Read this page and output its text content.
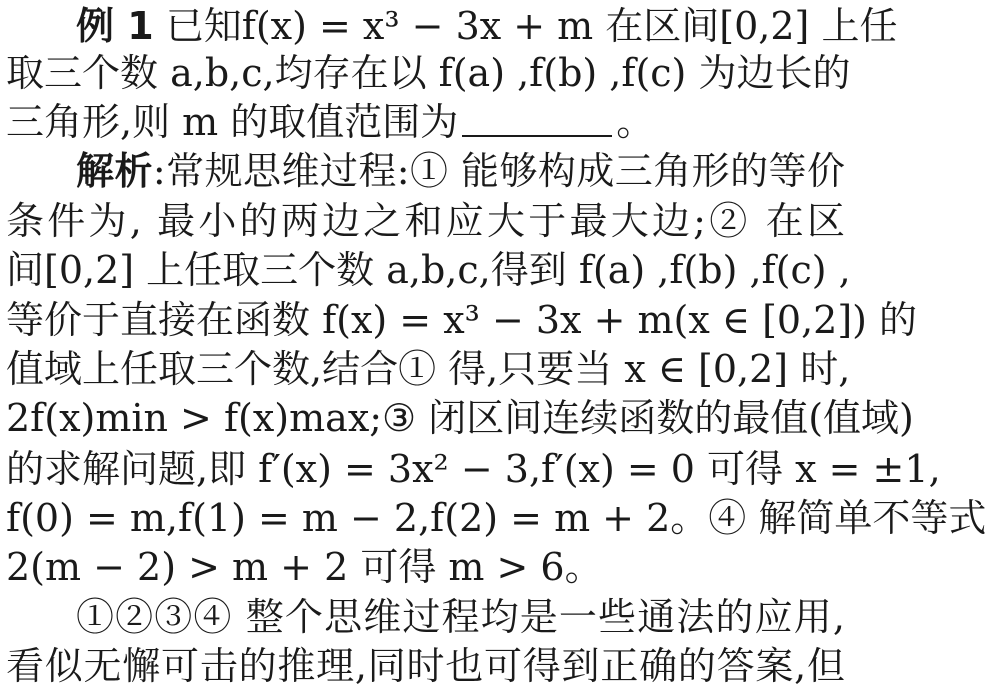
例 1 已知f(x) = x³ − 3x + m 在区间[0,2] 上任
取三个数 a,b,c,均存在以 f(a) ,f(b) ,f(c) 为边长的
三角形,则 m 的取值范围为	。
解析:常规思维过程:① 能够构成三角形的等价
条件为, 最小的两边之和应大于最大边;② 在区
间[0,2] 上任取三个数 a,b,c,得到 f(a) ,f(b) ,f(c) ,
等价于直接在函数 f(x) = x³ − 3x + m(x ∈ [0,2]) 的
值域上任取三个数,结合① 得,只要当 x ∈ [0,2] 时,
2f(x)min > f(x)max;③ 闭区间连续函数的最值(值域)
的求解问题,即 f′(x) = 3x² − 3,f′(x) = 0 可得 x = ±1,
f(0) = m,f(1) = m − 2,f(2) = m + 2。④ 解简单不等式
2(m − 2) > m + 2 可得 m > 6。
①②③④ 整个思维过程均是一些通法的应用,
看似无懈可击的推理,同时也可得到正确的答案,但
